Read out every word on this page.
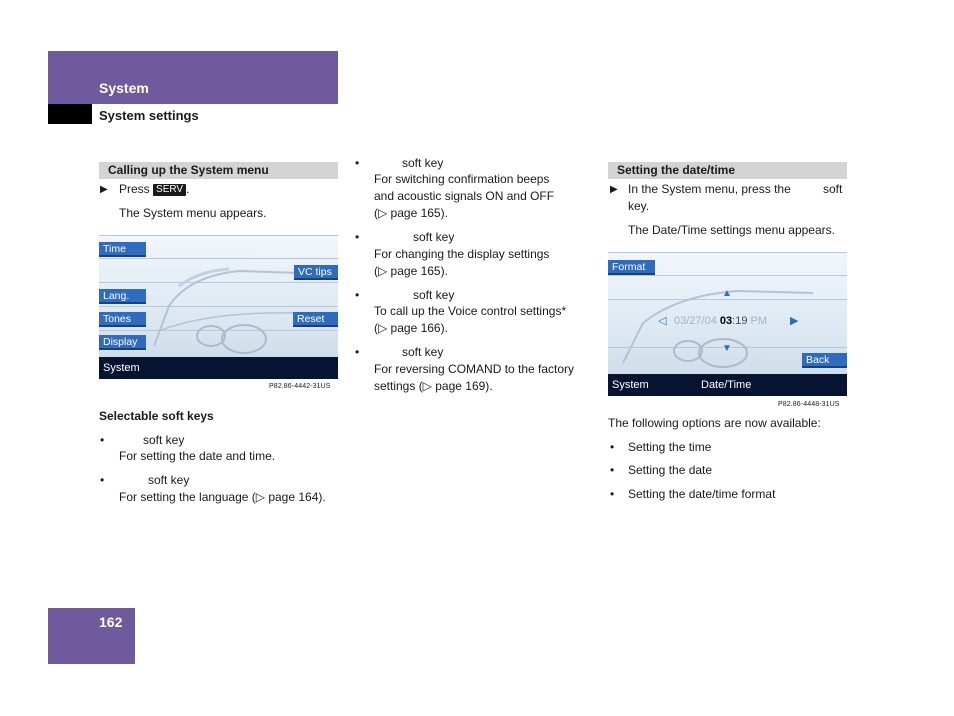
System
System settings
Calling up the System menu
▶ Press SERV .
The System menu appears.
Time
Lang.
Tones
Display
VC tips
Reset
System
P82.86-4442-31US
Selectable soft keys
•	soft key
For setting the date and time.
•	soft key
For setting the language (▷ page 164).
•	soft key
For switching confirmation beeps
and acoustic signals ON and OFF
(▷ page 165).
•	soft key
For changing the display settings
(▷ page 165).
•	soft key
To call up the Voice control settings*
(▷ page 166).
•	soft key
For reversing COMAND to the factory
settings (▷ page 169).
Setting the date/time
▶ In the System menu, press the	soft
key.
The Date/Time settings menu appears.
Format
▲
◁ 03/27/04 03:19 PM ▶
▼
Back
System	Date/Time
P82.86-4448-31US
The following options are now available:
• Setting the time
• Setting the date
• Setting the date/time format
162
